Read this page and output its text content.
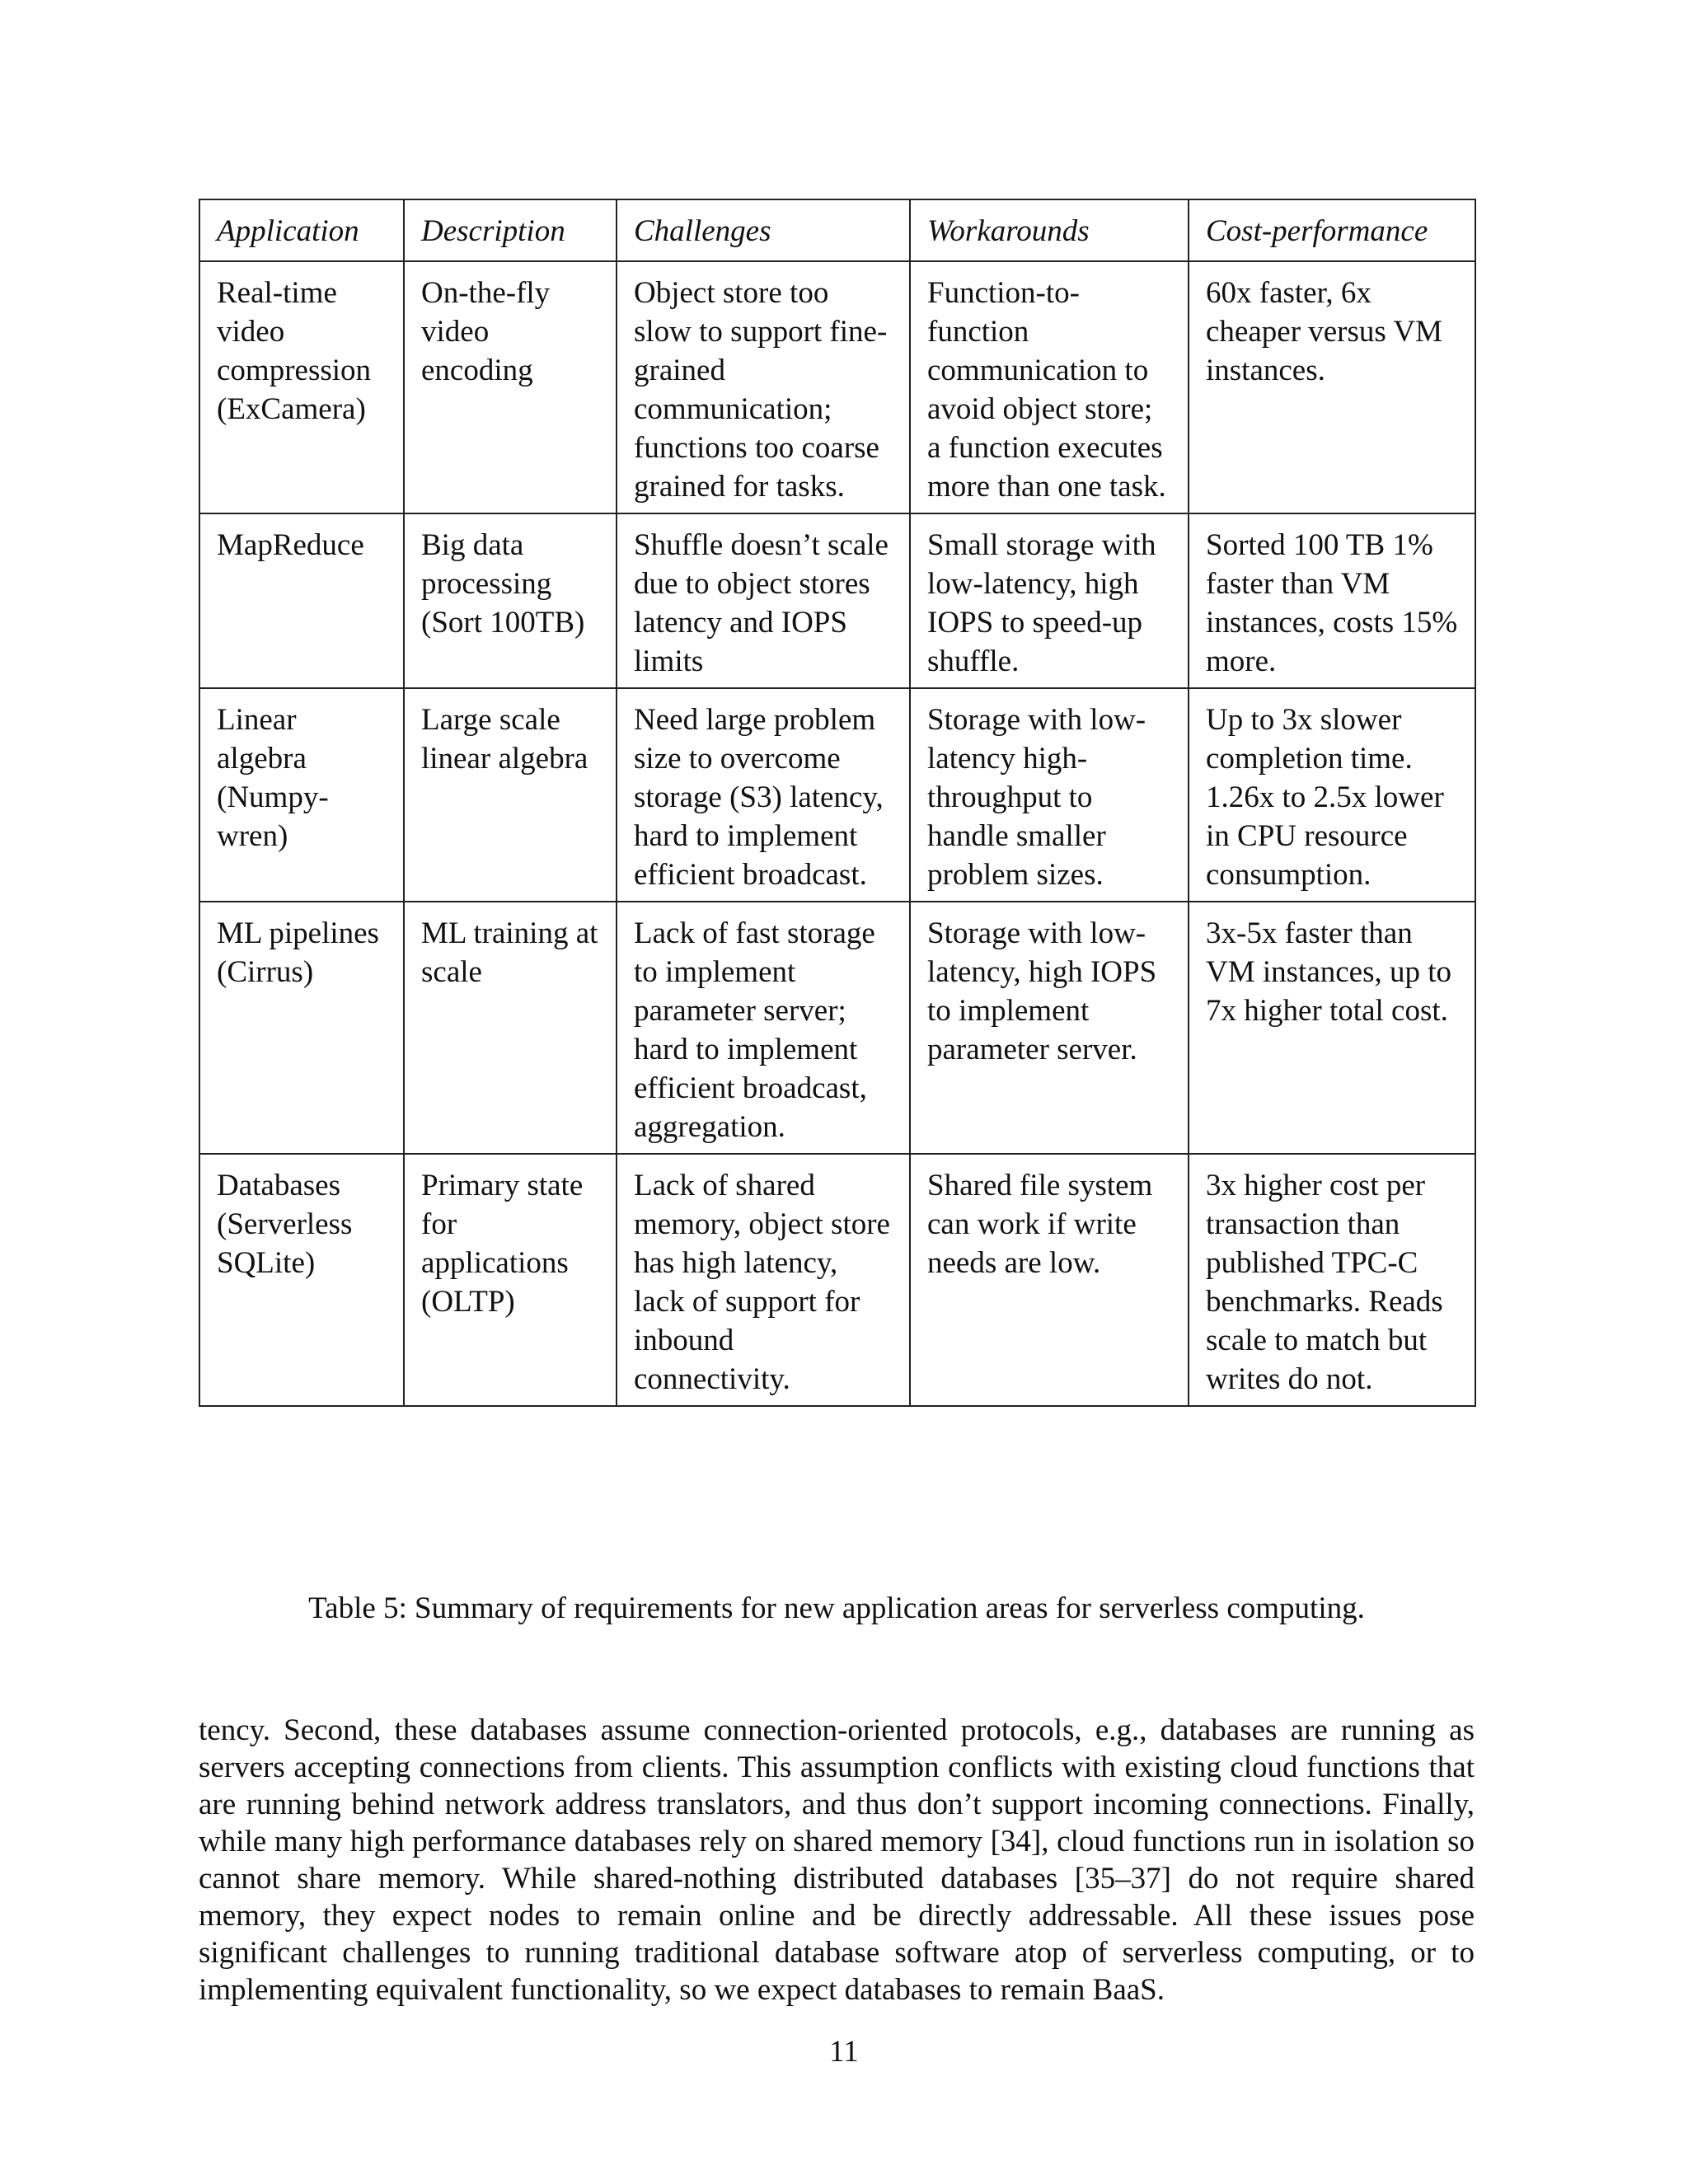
Application	Description	Challenges	Workarounds	Cost-performance

Real-time video compression (ExCamera)	On-the-fly video encoding	Object store too slow to support fine-grained communication; functions too coarse grained for tasks.	Function-to-function communication to avoid object store; a function executes more than one task.	60x faster, 6x cheaper versus VM instances.

MapReduce	Big data processing (Sort 100TB)	Shuffle doesn’t scale due to object stores latency and IOPS limits	Small storage with low-latency, high IOPS to speed-up shuffle.	Sorted 100 TB 1% faster than VM instances, costs 15% more.

Linear algebra (Numpy-wren)	Large scale linear algebra	Need large problem size to overcome storage (S3) latency, hard to implement efficient broadcast.	Storage with low-latency high-throughput to handle smaller problem sizes.	Up to 3x slower completion time. 1.26x to 2.5x lower in CPU resource consumption.

ML pipelines (Cirrus)	ML training at scale	Lack of fast storage to implement parameter server; hard to implement efficient broadcast, aggregation.	Storage with low-latency, high IOPS to implement parameter server.	3x-5x faster than VM instances, up to 7x higher total cost.

Databases (Serverless SQLite)	Primary state for applications (OLTP)	Lack of shared memory, object store has high latency, lack of support for inbound connectivity.	Shared file system can work if write needs are low.	3x higher cost per transaction than published TPC-C benchmarks. Reads scale to match but writes do not.
Table 5: Summary of requirements for new application areas for serverless computing.

tency. Second, these databases assume connection-oriented protocols, e.g., databases are running as servers accepting connections from clients. This assumption conflicts with existing cloud functions that are running behind network address translators, and thus don’t support incoming connections. Finally, while many high performance databases rely on shared memory [34], cloud functions run in isolation so cannot share memory. While shared-nothing distributed databases [35–37] do not require shared memory, they expect nodes to remain online and be directly addressable. All these issues pose significant challenges to running traditional database software atop of serverless computing, or to implementing equivalent functionality, so we expect databases to remain BaaS.

11
